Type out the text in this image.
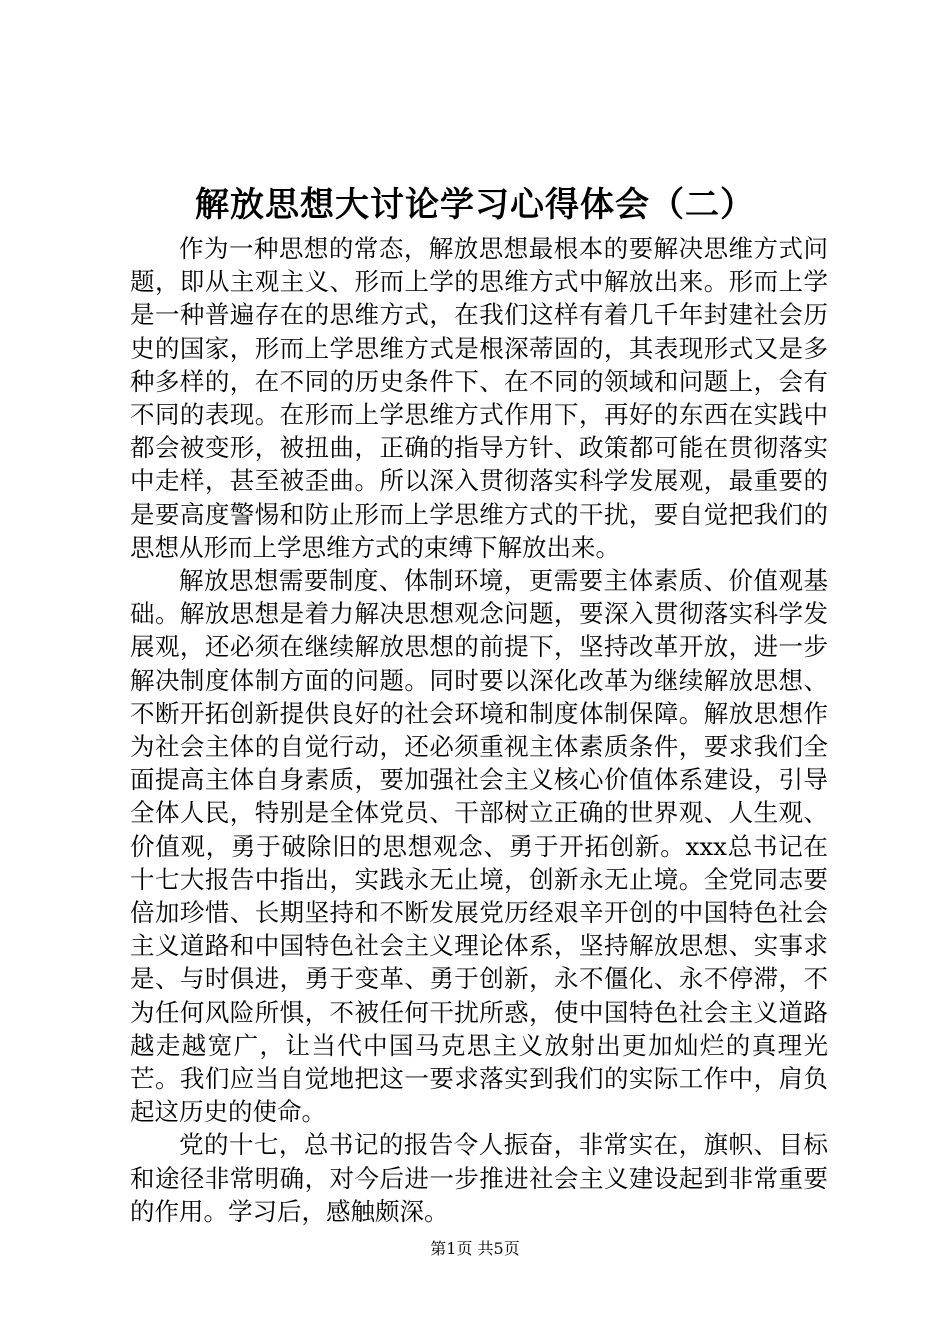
解放思想大讨论学习心得体会（二）

作为一种思想的常态，解放思想最根本的要解决思维方式问题，即从主观主义、形而上学的思维方式中解放出来。形而上学是一种普遍存在的思维方式，在我们这样有着几千年封建社会历史的国家，形而上学思维方式是根深蒂固的，其表现形式又是多种多样的，在不同的历史条件下、在不同的领域和问题上，会有不同的表现。在形而上学思维方式作用下，再好的东西在实践中都会被变形，被扭曲，正确的指导方针、政策都可能在贯彻落实中走样，甚至被歪曲。所以深入贯彻落实科学发展观，最重要的是要高度警惕和防止形而上学思维方式的干扰，要自觉把我们的思想从形而上学思维方式的束缚下解放出来。

解放思想需要制度、体制环境，更需要主体素质、价值观基础。解放思想是着力解决思想观念问题，要深入贯彻落实科学发展观，还必须在继续解放思想的前提下，坚持改革开放，进一步解决制度体制方面的问题。同时要以深化改革为继续解放思想、不断开拓创新提供良好的社会环境和制度体制保障。解放思想作为社会主体的自觉行动，还必须重视主体素质条件，要求我们全面提高主体自身素质，要加强社会主义核心价值体系建设，引导全体人民，特别是全体党员、干部树立正确的世界观、人生观、价值观，勇于破除旧的思想观念、勇于开拓创新。xxx总书记在十七大报告中指出，实践永无止境，创新永无止境。全党同志要倍加珍惜、长期坚持和不断发展党历经艰辛开创的中国特色社会主义道路和中国特色社会主义理论体系，坚持解放思想、实事求是、与时俱进，勇于变革、勇于创新，永不僵化、永不停滞，不为任何风险所惧，不被任何干扰所惑，使中国特色社会主义道路越走越宽广，让当代中国马克思主义放射出更加灿烂的真理光芒。我们应当自觉地把这一要求落实到我们的实际工作中，肩负起这历史的使命。

党的十七，总书记的报告令人振奋，非常实在，旗帜、目标和途径非常明确，对今后进一步推进社会主义建设起到非常重要的作用。学习后，感触颇深。

第1页 共5页
